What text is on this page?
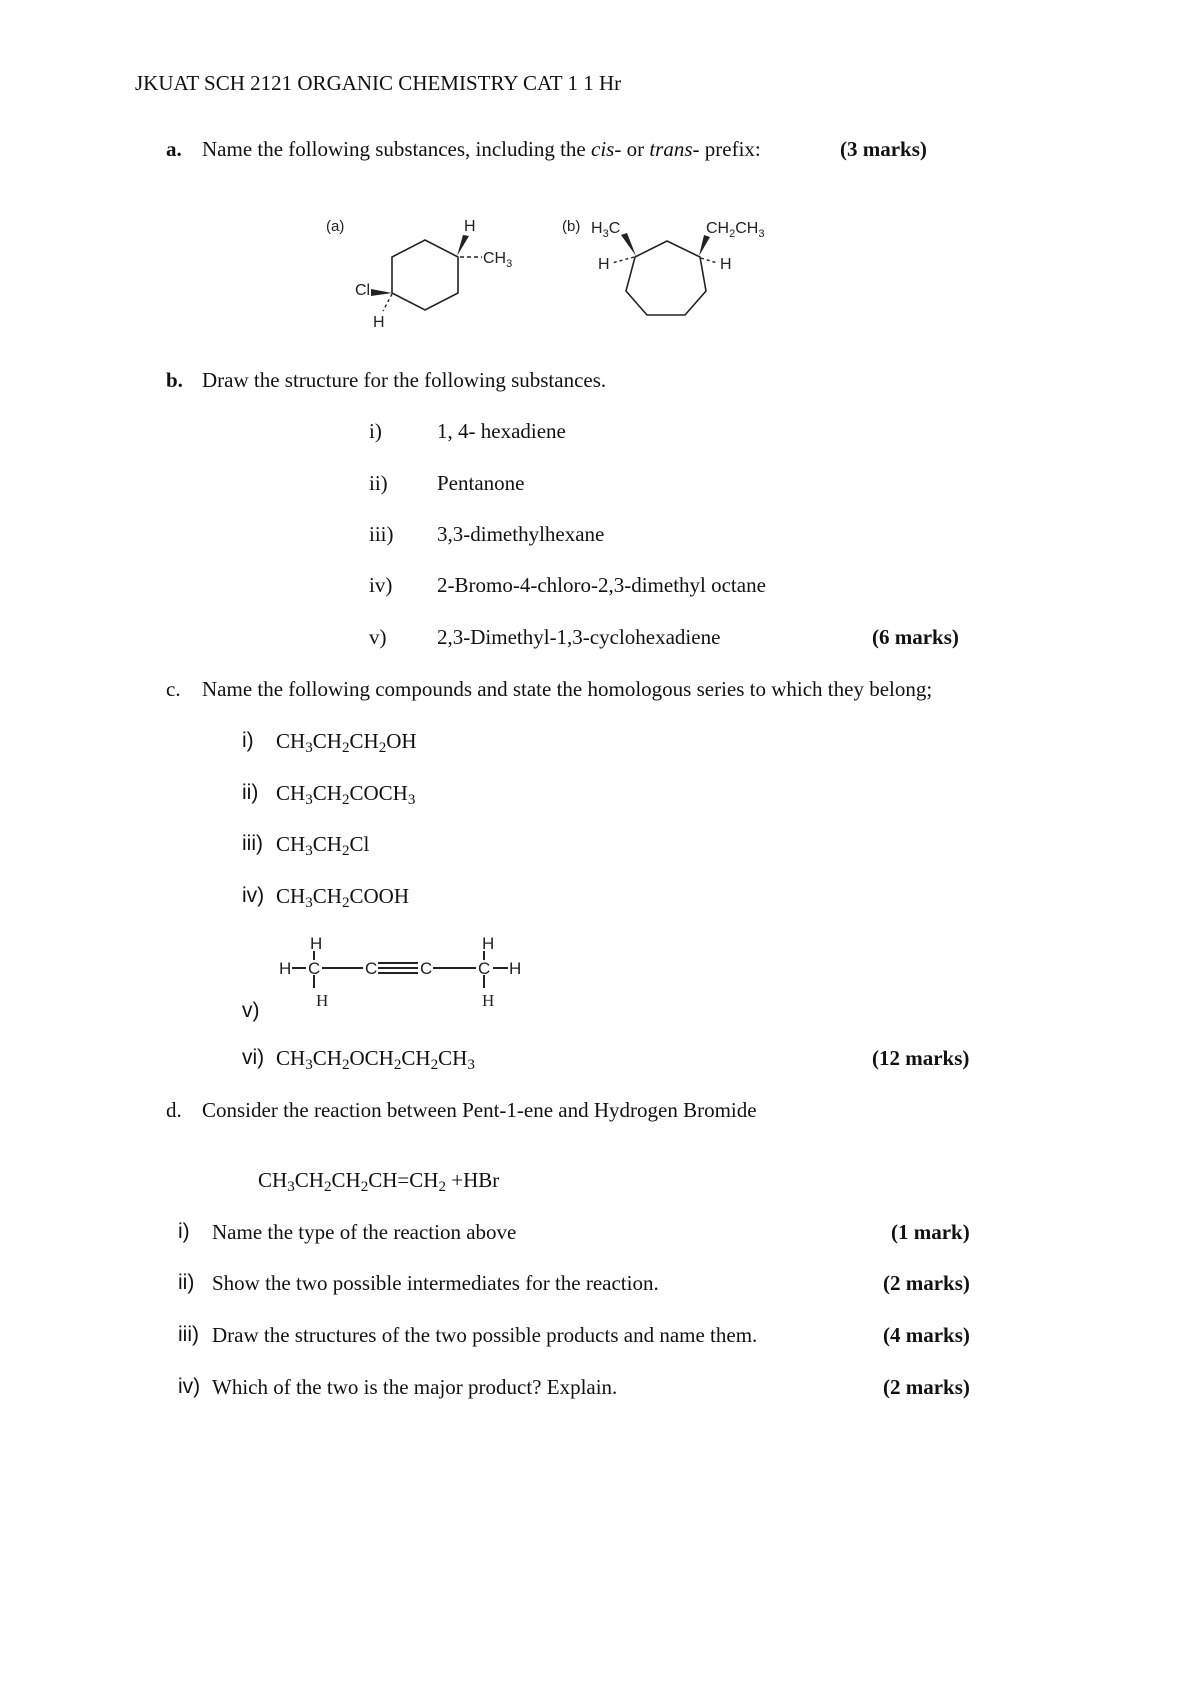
JKUAT SCH 2121 ORGANIC CHEMISTRY CAT 1 1 Hr
a. Name the following substances, including the cis- or trans- prefix:	(3 marks)
(a)	H
$CH_3$
Cl
H
(b) $H_3C$
H
$CH_2CH_3$
H
b. Draw the structure for the following substances.
i)	1, 4- hexadiene
ii) Pentanone
iii) 3,3-dimethylhexane
iv) 2-Bromo-4-chloro-2,3-dimethyl octane
v) 2,3-Dimethyl-1,3-cyclohexadiene	(6 marks)
c. Name the following compounds and state the homologous series to which they belong;
i) $CH_3CH_2CH_2OH$
ii) $CH_3CH_2COCH_3$
iii) $CH_3CH_2Cl$
iv) $CH_3CH_2COOH$
H	H
H C	C	C	C H
H	H
v)
vi) $CH_3CH_2OCH_2CH_2CH_3$	(12 marks)
d. Consider the reaction between Pent-1-ene and Hydrogen Bromide
$CH_3CH_2CH_2CH=CH_2 +HBr$
i) Name the type of the reaction above	(1 mark)
ii) Show the two possible intermediates for the reaction.	(2 marks)
iii) Draw the structures of the two possible products and name them.	(4 marks)
iv) Which of the two is the major product? Explain.	(2 marks)
